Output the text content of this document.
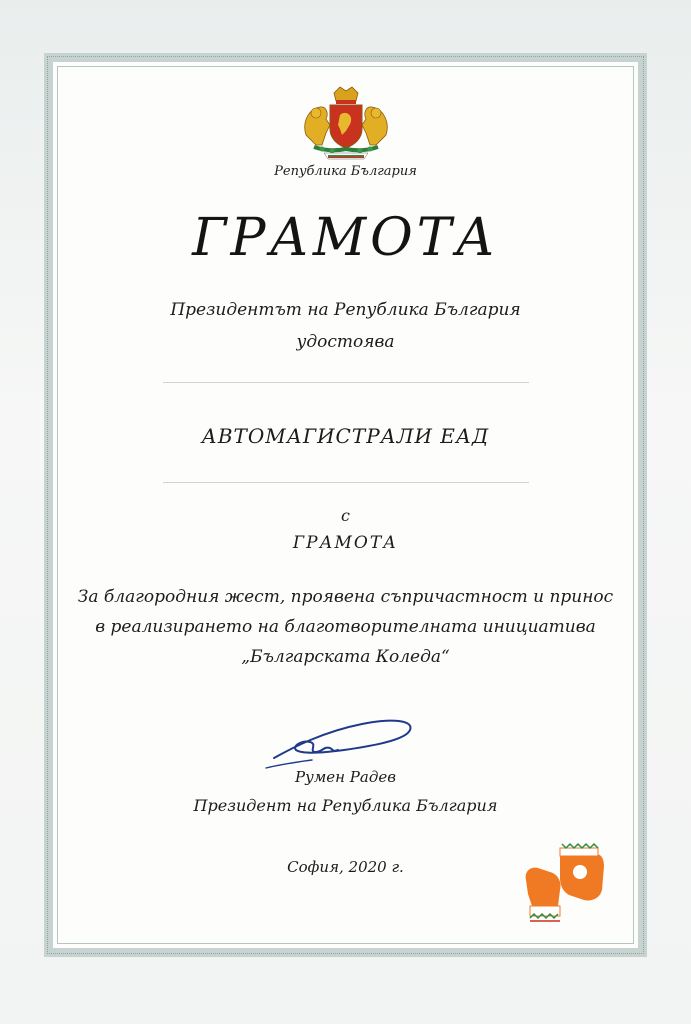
Република България
ГРАМОТА
Президентът на Република България
удостоява
АВТОМАГИСТРАЛИ ЕАД
с
ГРАМОТА
За благородния жест, проявена съпричастност и принос
в реализирането на благотворителната инициатива
„Българската Коледа“
Румен Радев
Президент на Република България
София, 2020 г.
